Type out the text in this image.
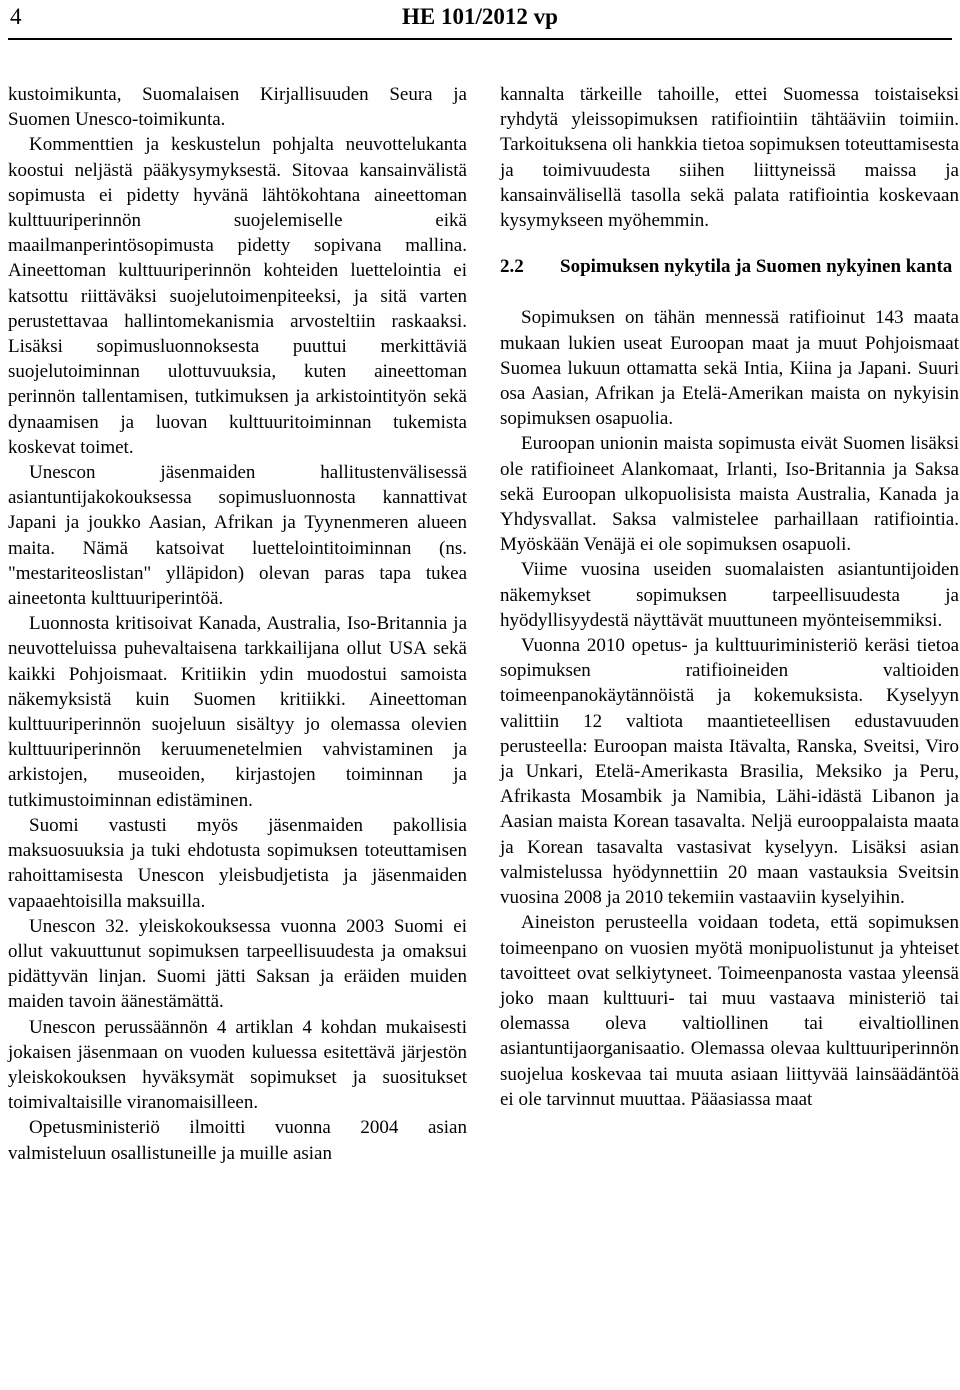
4	HE 101/2012 vp

kustoimikunta, Suomalaisen Kirjallisuuden Seura ja Suomen Unesco-toimikunta.

Kommenttien ja keskustelun pohjalta neuvottelukanta koostui neljästä pääkysymyksestä. Sitovaa kansainvälistä sopimusta ei pidetty hyvänä lähtökohtana aineettoman kulttuuriperinnön suojelemiselle eikä maailmanperintösopimusta pidetty sopivana mallina. Aineettoman kulttuuriperinnön kohteiden luettelointia ei katsottu riittäväksi suojelutoimenpiteeksi, ja sitä varten perustettavaa hallintomekanismia arvosteltiin raskaaksi. Lisäksi sopimusluonnoksesta puuttui merkittäviä suojelutoiminnan ulottuvuuksia, kuten aineettoman perinnön tallentamisen, tutkimuksen ja arkistointityön sekä dynaamisen ja luovan kulttuuritoiminnan tukemista koskevat toimet.

Unescon jäsenmaiden hallitustenvälisessä asiantuntijakokouksessa sopimusluonnosta kannattivat Japani ja joukko Aasian, Afrikan ja Tyynenmeren alueen maita. Nämä katsoivat luettelointitoiminnan (ns. "mestariteoslistan" ylläpidon) olevan paras tapa tukea aineetonta kulttuuriperintöä.

Luonnosta kritisoivat Kanada, Australia, Iso-Britannia ja neuvotteluissa puhevaltaisena tarkkailijana ollut USA sekä kaikki Pohjoismaat. Kritiikin ydin muodostui samoista näkemyksistä kuin Suomen kritiikki. Aineettoman kulttuuriperinnön suojeluun sisältyy jo olemassa olevien kulttuuriperinnön keruumenetelmien vahvistaminen ja arkistojen, museoiden, kirjastojen toiminnan ja tutkimustoiminnan edistäminen.

Suomi vastusti myös jäsenmaiden pakollisia maksuosuuksia ja tuki ehdotusta sopimuksen toteuttamisen rahoittamisesta Unescon yleisbudjetista ja jäsenmaiden vapaaehtoisilla maksuilla.

Unescon 32. yleiskokouksessa vuonna 2003 Suomi ei ollut vakuuttunut sopimuksen tarpeellisuudesta ja omaksui pidättyvän linjan. Suomi jätti Saksan ja eräiden muiden maiden tavoin äänestämättä.

Unescon perussäännön 4 artiklan 4 kohdan mukaisesti jokaisen jäsenmaan on vuoden kuluessa esitettävä järjestön yleiskokouksen hyväksymät sopimukset ja suositukset toimivaltaisille viranomaisilleen.

Opetusministeriö ilmoitti vuonna 2004 asian valmisteluun osallistuneille ja muille asian

kannalta tärkeille tahoille, ettei Suomessa toistaiseksi ryhdytä yleissopimuksen ratifiointiin tähtääviin toimiin. Tarkoituksena oli hankkia tietoa sopimuksen toteuttamisesta ja toimivuudesta siihen liittyneissä maissa ja kansainvälisellä tasolla sekä palata ratifiointia koskevaan kysymykseen myöhemmin.

2.2	Sopimuksen nykytila ja Suomen nykyinen kanta

Sopimuksen on tähän mennessä ratifioinut 143 maata mukaan lukien useat Euroopan maat ja muut Pohjoismaat Suomea lukuun ottamatta sekä Intia, Kiina ja Japani. Suuri osa Aasian, Afrikan ja Etelä-Amerikan maista on nykyisin sopimuksen osapuolia.

Euroopan unionin maista sopimusta eivät Suomen lisäksi ole ratifioineet Alankomaat, Irlanti, Iso-Britannia ja Saksa sekä Euroopan ulkopuolisista maista Australia, Kanada ja Yhdysvallat. Saksa valmistelee parhaillaan ratifiointia. Myöskään Venäjä ei ole sopimuksen osapuoli.

Viime vuosina useiden suomalaisten asiantuntijoiden näkemykset sopimuksen tarpeellisuudesta ja hyödyllisyydestä näyttävät muuttuneen myönteisemmiksi.

Vuonna 2010 opetus- ja kulttuuriministeriö keräsi tietoa sopimuksen ratifioineiden valtioiden toimeenpanokäytännöistä ja kokemuksista. Kyselyyn valittiin 12 valtiota maantieteellisen edustavuuden perusteella: Euroopan maista Itävalta, Ranska, Sveitsi, Viro ja Unkari, Etelä-Amerikasta Brasilia, Meksiko ja Peru, Afrikasta Mosambik ja Namibia, Lähi-idästä Libanon ja Aasian maista Korean tasavalta. Neljä eurooppalaista maata ja Korean tasavalta vastasivat kyselyyn. Lisäksi asian valmistelussa hyödynnettiin 20 maan vastauksia Sveitsin vuosina 2008 ja 2010 tekemiin vastaaviin kyselyihin.

Aineiston perusteella voidaan todeta, että sopimuksen toimeenpano on vuosien myötä monipuolistunut ja yhteiset tavoitteet ovat selkiytyneet. Toimeenpanosta vastaa yleensä joko maan kulttuuri- tai muu vastaava ministeriö tai olemassa oleva valtiollinen tai eivaltiollinen asiantuntijaorganisaatio. Olemassa olevaa kulttuuriperinnön suojelua koskevaa tai muuta asiaan liittyvää lainsäädäntöä ei ole tarvinnut muuttaa. Pääasiassa maat
